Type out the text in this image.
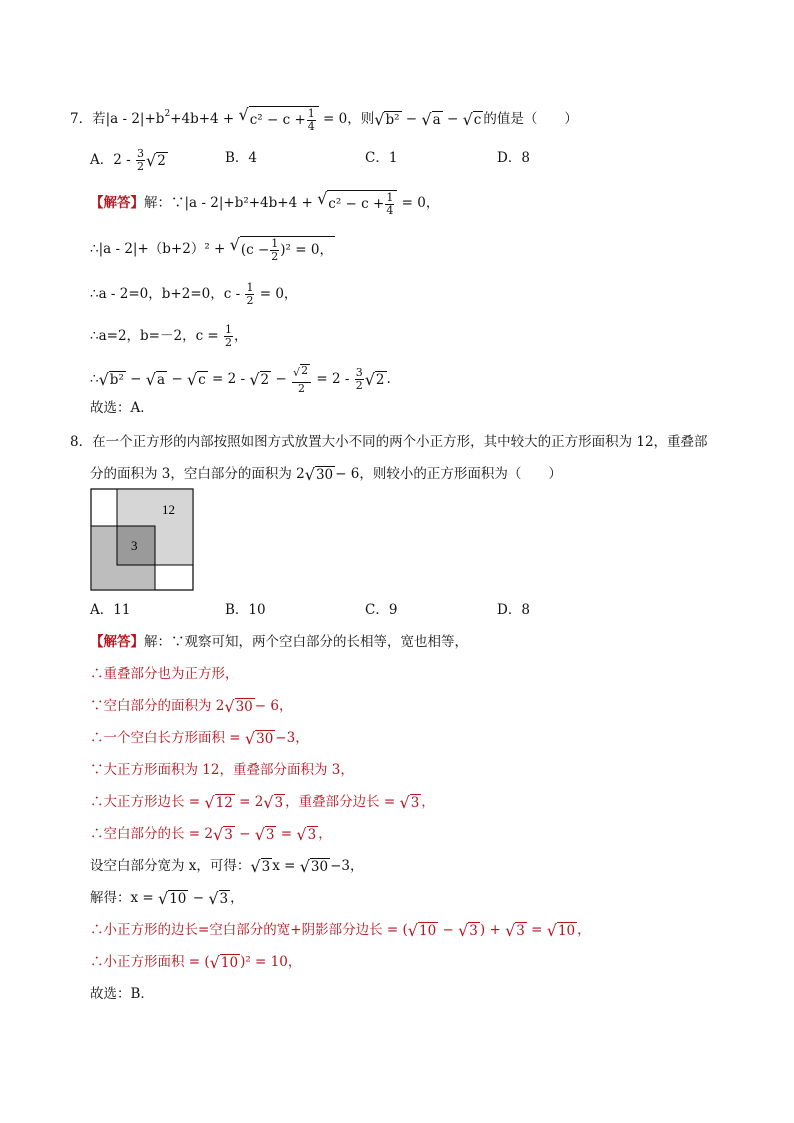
7．若$|a - 2|+b^2+4b+4$ + √ $c^2 - c + \frac{1}{4} = 0$，则 √ b² − √ a − √ c 的值是（　　）
A．$2 - \frac{3}{2}$ √ 2	B．4	C．1	D．8
【解答】解：∵|a - 2|+b²+4b+4 + √ $c^2 - c + \frac{1}{4} = 0$，
∴|a - 2|+（b+2）² + √ $(c - \frac{1}{2} )^2 = 0$，
∴a - 2=0，b+2=0，$c - \frac{1}{2} = 0$，
∴a=2，b=－2，$c = \frac{1}{2}$ ，
∴ √ b² − √ a − √ c = 2 - √ $2 - \frac{√ 2}{2} = 2 - \frac{3}{2}$ √ 2 .
故选：A．
8．在一个正方形的内部按照如图方式放置大小不同的两个小正方形，其中较大的正方形面积为 12，重叠部
分的面积为 3，空白部分的面积为 2 √ 30 − 6，则较小的正方形面积为（　　）
12
3
A．11	B．10	C．9	D．8
【解答】解：∵观察可知，两个空白部分的长相等，宽也相等，
∴重叠部分也为正方形，
∵空白部分的面积为 2 √ 30 − 6，
∴一个空白长方形面积 = √ 30 −3，
∵大正方形面积为 12，重叠部分面积为 3，
∴大正方形边长 = √ 12 = 2 √ 3 ，重叠部分边长 = √ 3 ，
∴空白部分的长 = 2 √ 3 − √ 3 = √ 3 ，
设空白部分宽为 x，可得： √ 3 x = √ 30 −3，
解得：x = √ 10 − √ 3 ，
∴小正方形的边长=空白部分的宽+阴影部分边长 = ( √ 10 − √ 3 ) + √ 3 = √ 10 ，
∴小正方形面积 = ( √ 10 )² = 10，
故选：B．
